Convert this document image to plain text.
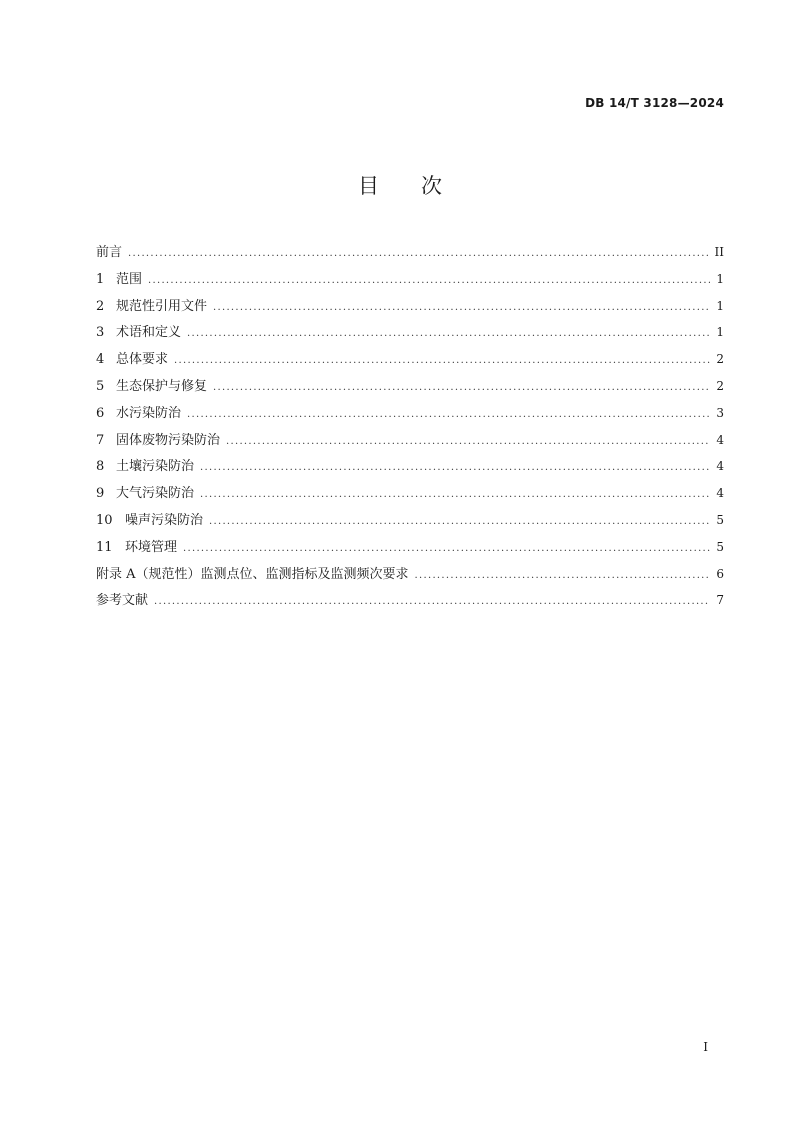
DB 14/T 3128—2024
目 次
前言 .....	II
1 范围 .....	1
2 规范性引用文件 .....	1
3 术语和定义 .....	1
4 总体要求 .....	2
5 生态保护与修复 .....	2
6 水污染防治 .....	3
7 固体废物污染防治 .....	4
8 土壤污染防治 .....	4
9 大气污染防治 .....	4
10 噪声污染防治 .....	5
11 环境管理 .....	5
附录 A（规范性）监测点位、监测指标及监测频次要求 .....	6
参考文献 .....	7
I
